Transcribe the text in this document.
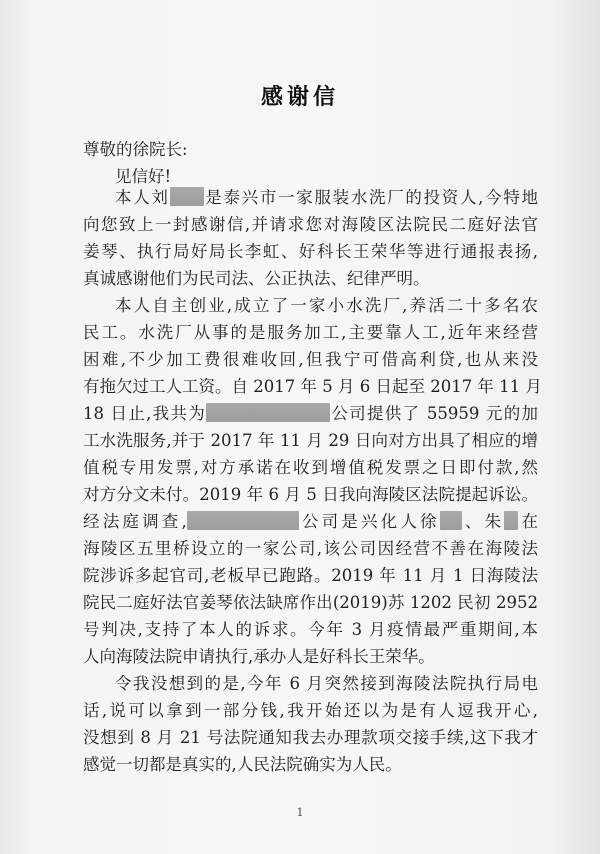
感谢信
尊敬的徐院长:
见信好!
本人刘 是泰兴市一家服装水洗厂的投资人,今特地
向您致上一封感谢信,并请求您对海陵区法院民二庭好法官
姜琴、执行局好局长李虹、好科长王荣华等进行通报表扬,
真诚感谢他们为民司法、公正执法、纪律严明。
本人自主创业,成立了一家小水洗厂,养活二十多名农
民工。水洗厂从事的是服务加工,主要靠人工,近年来经营
困难,不少加工费很难收回,但我宁可借高利贷,也从来没
有拖欠过工人工资。自 2017 年 5 月 6 日起至 2017 年 11 月
18 日止,我共为	公司提供了 55959 元的加
工水洗服务,并于 2017 年 11 月 29 日向对方出具了相应的增
值税专用发票,对方承诺在收到增值税发票之日即付款,然
对方分文未付。2019 年 6 月 5 日我向海陵区法院提起诉讼。
经法庭调查,	公司是兴化人徐 、朱 在
海陵区五里桥设立的一家公司,该公司因经营不善在海陵法
院涉诉多起官司,老板早已跑路。2019 年 11 月 1 日海陵法
院民二庭好法官姜琴依法缺席作出(2019)苏 1202 民初 2952
号判决,支持了本人的诉求。今年 3 月疫情最严重期间,本
人向海陵法院申请执行,承办人是好科长王荣华。
令我没想到的是,今年 6 月突然接到海陵法院执行局电
话,说可以拿到一部分钱,我开始还以为是有人逗我开心,
没想到 8 月 21 号法院通知我去办理款项交接手续,这下我才
感觉一切都是真实的,人民法院确实为人民。
1
